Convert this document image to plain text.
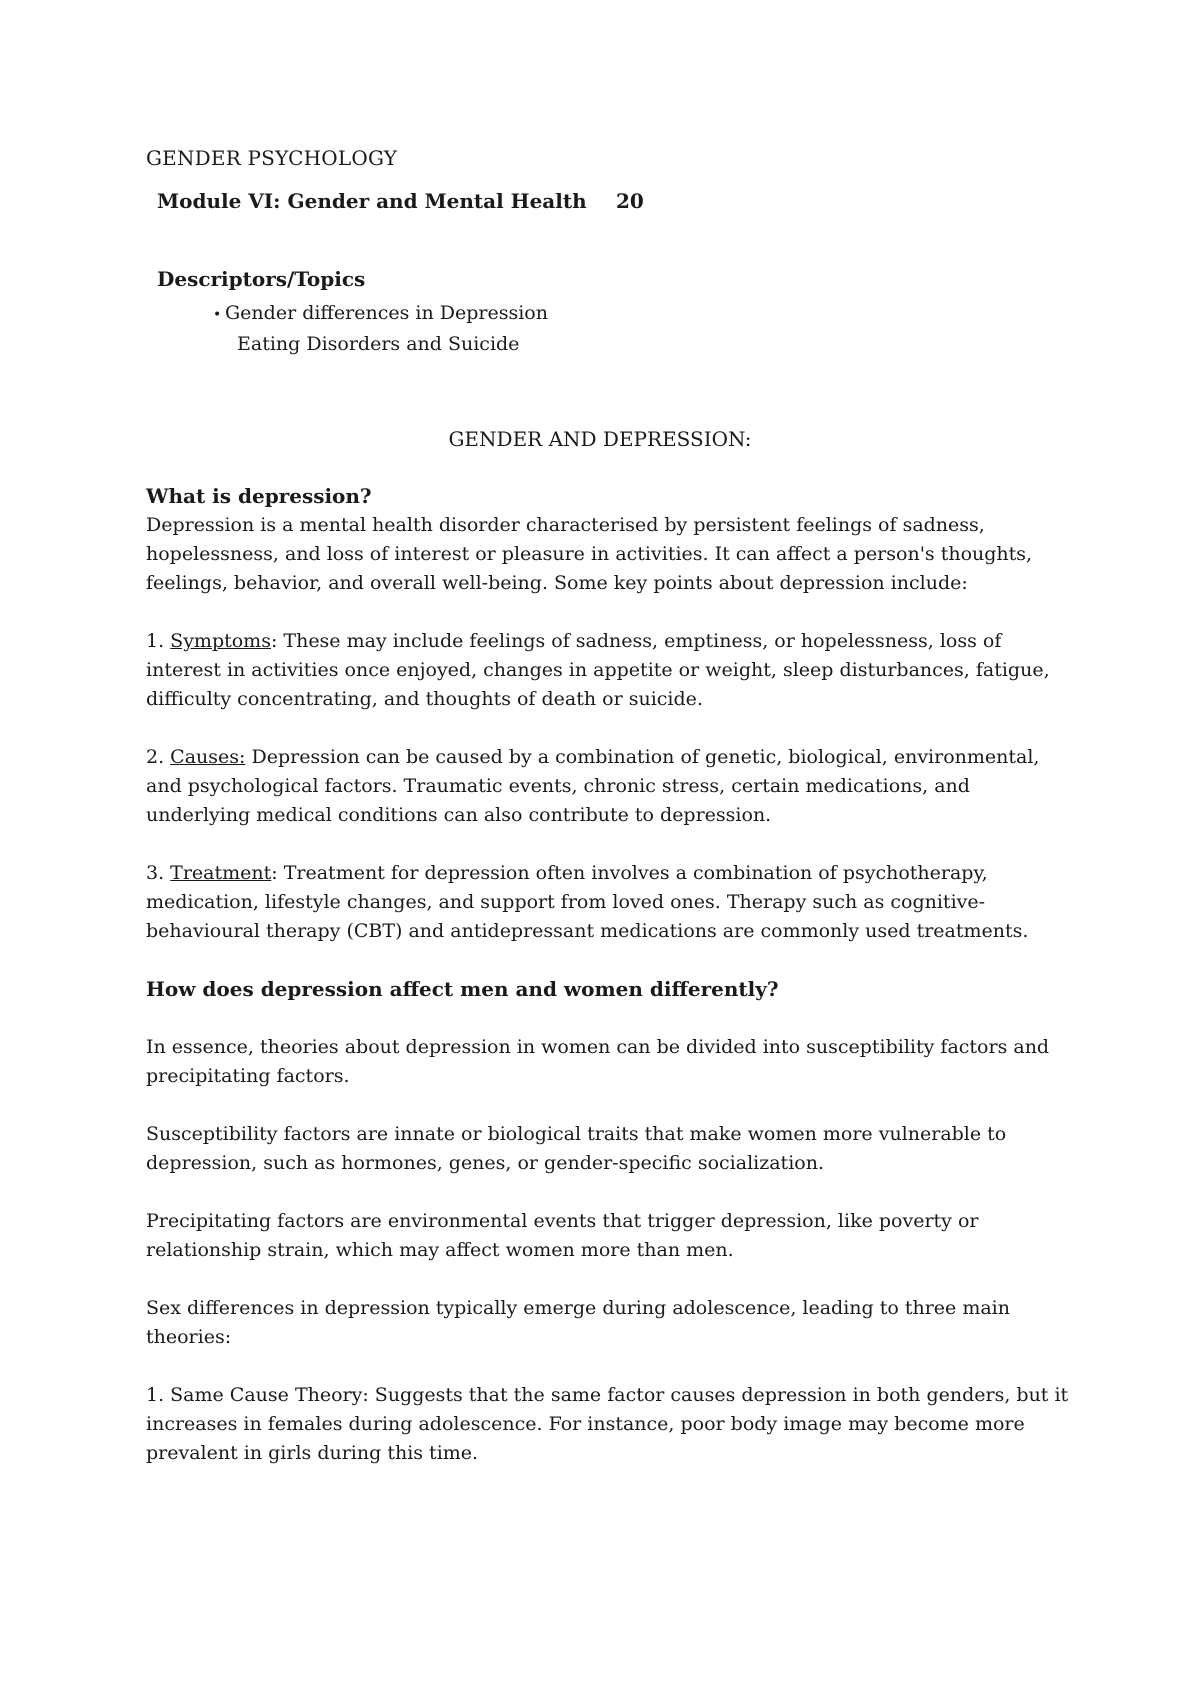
GENDER PSYCHOLOGY
Module VI: Gender and Mental Health 20
Descriptors/Topics
• Gender differences in Depression
Eating Disorders and Suicide
GENDER AND DEPRESSION:
What is depression?

Depression is a mental health disorder characterised by persistent feelings of sadness, hopelessness, and loss of interest or pleasure in activities. It can affect a person's thoughts, feelings, behavior, and overall well-being. Some key points about depression include:

1. Symptoms: These may include feelings of sadness, emptiness, or hopelessness, loss of interest in activities once enjoyed, changes in appetite or weight, sleep disturbances, fatigue, difficulty concentrating, and thoughts of death or suicide.

2. Causes: Depression can be caused by a combination of genetic, biological, environmental, and psychological factors. Traumatic events, chronic stress, certain medications, and underlying medical conditions can also contribute to depression.

3. Treatment: Treatment for depression often involves a combination of psychotherapy, medication, lifestyle changes, and support from loved ones. Therapy such as cognitive-behavioural therapy (CBT) and antidepressant medications are commonly used treatments.

How does depression affect men and women differently?

In essence, theories about depression in women can be divided into susceptibility factors and precipitating factors.

Susceptibility factors are innate or biological traits that make women more vulnerable to depression, such as hormones, genes, or gender-specific socialization.

Precipitating factors are environmental events that trigger depression, like poverty or relationship strain, which may affect women more than men.

Sex differences in depression typically emerge during adolescence, leading to three main theories:

1. Same Cause Theory: Suggests that the same factor causes depression in both genders, but it increases in females during adolescence. For instance, poor body image may become more prevalent in girls during this time.
